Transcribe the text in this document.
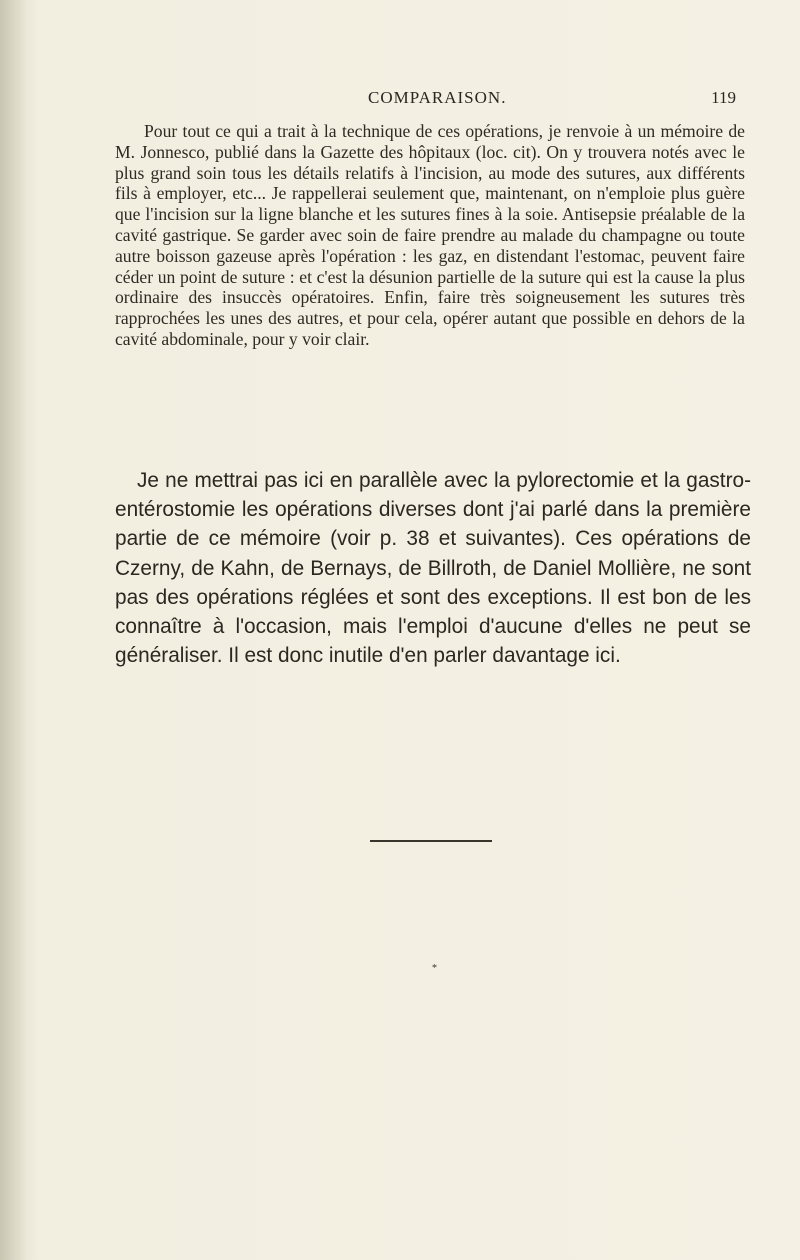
COMPARAISON.	119

Pour tout ce qui a trait à la technique de ces opérations, je renvoie à un mémoire de M. Jonnesco, publié dans la Gazette des hôpitaux (loc. cit). On y trouvera notés avec le plus grand soin tous les détails relatifs à l'incision, au mode des sutures, aux différents fils à employer, etc... Je rappellerai seulement que, maintenant, on n'emploie plus guère que l'incision sur la ligne blanche et les sutures fines à la soie. Antisepsie préalable de la cavité gastrique. Se garder avec soin de faire prendre au malade du champagne ou toute autre boisson gazeuse après l'opération : les gaz, en distendant l'estomac, peuvent faire céder un point de suture : et c'est la désunion partielle de la suture qui est la cause la plus ordinaire des insuccès opératoires. Enfin, faire très soigneusement les sutures très rapprochées les unes des autres, et pour cela, opérer autant que possible en dehors de la cavité abdominale, pour y voir clair.

Je ne mettrai pas ici en parallèle avec la pylorectomie et la gastro-entérostomie les opérations diverses dont j'ai parlé dans la première partie de ce mémoire (voir p. 38 et suivantes). Ces opérations de Czerny, de Kahn, de Bernays, de Billroth, de Daniel Mollière, ne sont pas des opérations réglées et sont des exceptions. Il est bon de les connaître à l'occasion, mais l'emploi d'aucune d'elles ne peut se généraliser. Il est donc inutile d'en parler davantage ici.

*
